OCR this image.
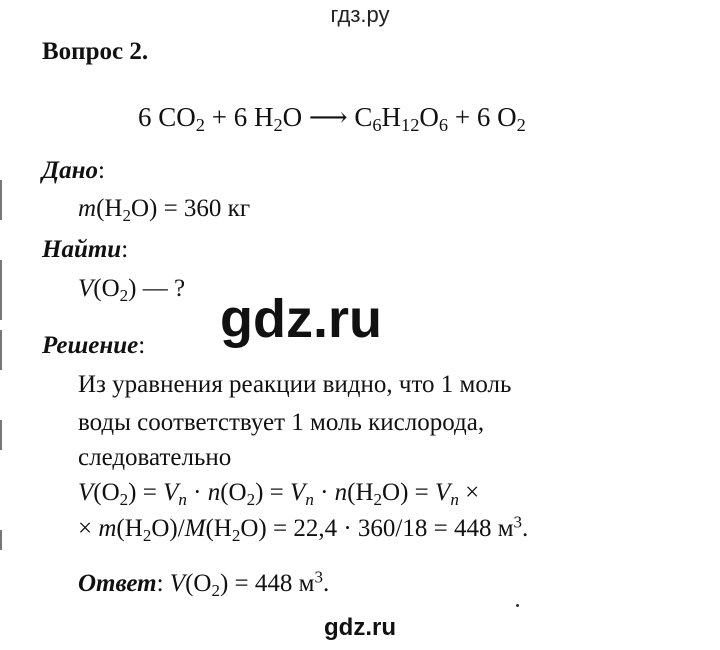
гдз.ру
Вопрос 2.
6 $CO_2 + 6$ $H_2O$ ⟶ $C_6H_{12}O_6 + 6$ $O_2$
Дано:
$m(H_2O) = 360$ кг
Найти:
$V(O_2)$ — ?
gdz.ru
Решение:
Из уравнения реакции видно, что 1 моль
воды соответствует 1 моль кислорода,
следовательно
$V(O_2) = V_n \cdot n(O_2) = V_n \cdot n(H_2O) = V_n$ ×
× $m(H_2O)/M(H_2O) = 22,4 \cdot 360/18 = 448$ $м^3$.
Ответ: $V(O_2) = 448$ $м^3$.
gdz.ru
